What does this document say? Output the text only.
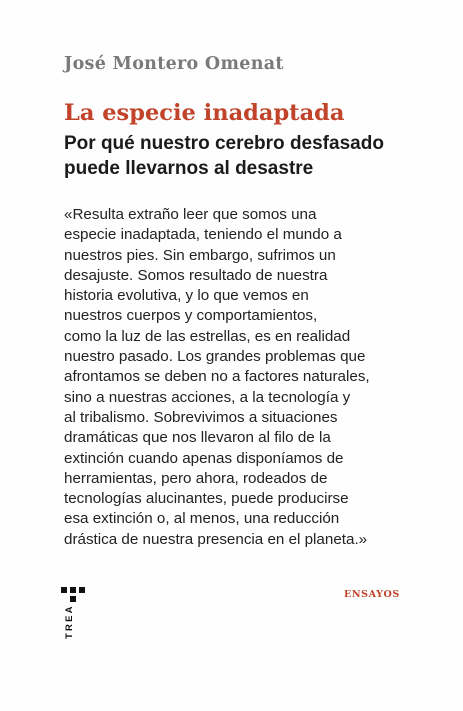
José Montero Omenat
La especie inadaptada
Por qué nuestro cerebro desfasado
puede llevarnos al desastre
«Resulta extraño leer que somos una
especie inadaptada, teniendo el mundo a
nuestros pies. Sin embargo, sufrimos un
desajuste. Somos resultado de nuestra
historia evolutiva, y lo que vemos en
nuestros cuerpos y comportamientos,
como la luz de las estrellas, es en realidad
nuestro pasado. Los grandes problemas que
afrontamos se deben no a factores naturales,
sino a nuestras acciones, a la tecnología y
al tribalismo. Sobrevivimos a situaciones
dramáticas que nos llevaron al filo de la
extinción cuando apenas disponíamos de
herramientas, pero ahora, rodeados de
tecnologías alucinantes, puede producirse
esa extinción o, al menos, una reducción
drástica de nuestra presencia en el planeta.»
TREA
ENSAYOS
